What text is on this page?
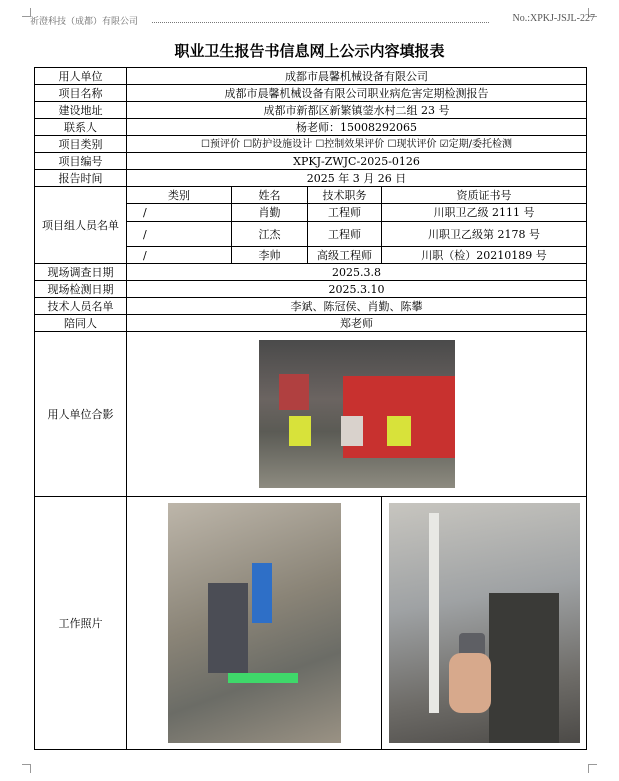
祈澄科技（成都）有限公司	No.:XPKJ-JSJL-227
职业卫生报告书信息网上公示内容填报表
用人单位	成都市晨馨机械设备有限公司			
项目名称	成都市晨馨机械设备有限公司职业病危害定期检测报告			
建设地址	成都市新都区新繁镇蓥水村二组 23 号			
联系人	杨老师：15008292065			
项目类别	☐预评价 ☐防护设施设计 ☐控制效果评价 ☐现状评价 ☑定期/委托检测			
项目编号	XPKJ-ZWJC-2025-0126			
报告时间	2025 年 3 月 26 日			
项目组人员名单	类别	姓名	技术职务	资质证书号
	/	肖勤	工程师	川职卫乙级 2111 号
	/	江杰	工程师	川职卫乙级第 2178 号
	/	李帅	高级工程师	川职（检）20210189 号
现场调查日期	2025.3.8			
现场检测日期	2025.3.10			
技术人员名单	李斌、陈冠侯、肖勤、陈攀			
陪同人	郑老师			
用人单位合影				

工作照片			
